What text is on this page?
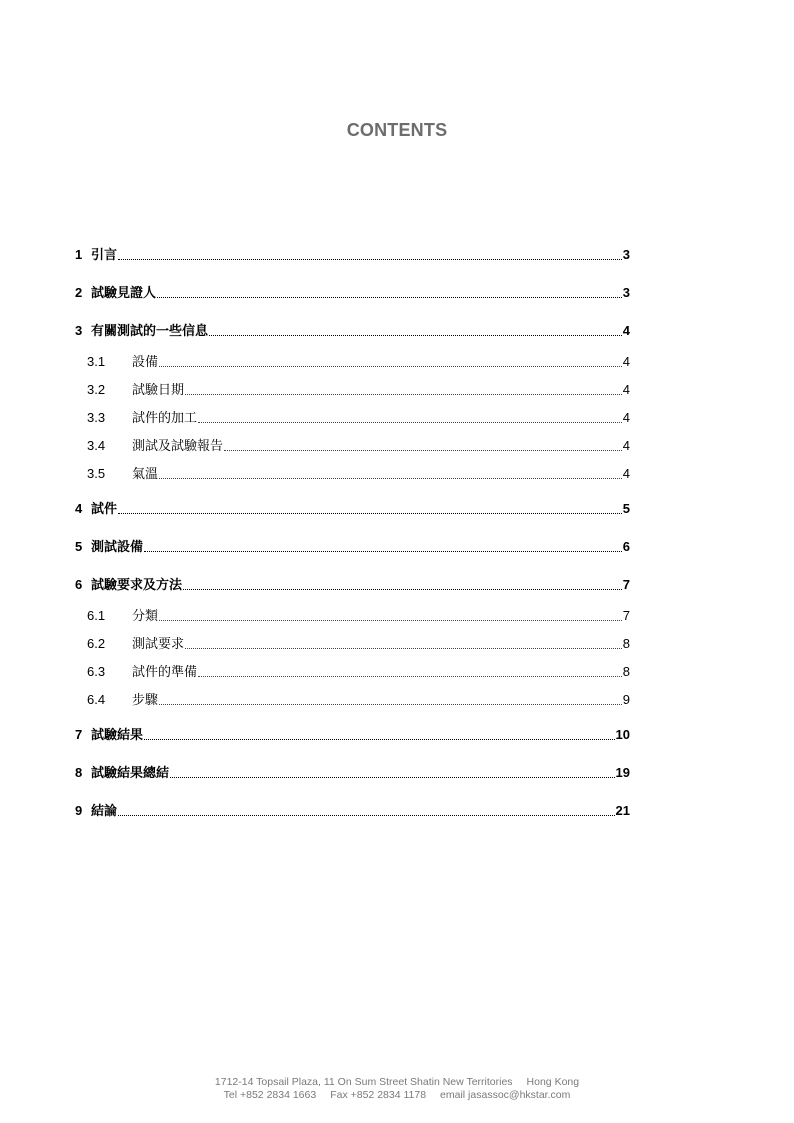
CONTENTS
1 引言	3
2 試驗見證人	3
3 有關測試的一些信息	4
3.1	設備	4
3.2	試驗日期	4
3.3	試件的加工	4
3.4	測試及試驗報告	4
3.5	氣溫	4
4 試件	5
5 測試設備	6
6 試驗要求及方法	7
6.1	分類	7
6.2	測試要求	8
6.3	試件的準備	8
6.4	步驟	9
7 試驗結果	10
8 試驗結果總結	19
9 結論	21
1712-14 Topsail Plaza, 11 On Sum Street Shatin New Territories Hong Kong
Tel +852 2834 1663 Fax +852 2834 1178 email jasassoc@hkstar.com
